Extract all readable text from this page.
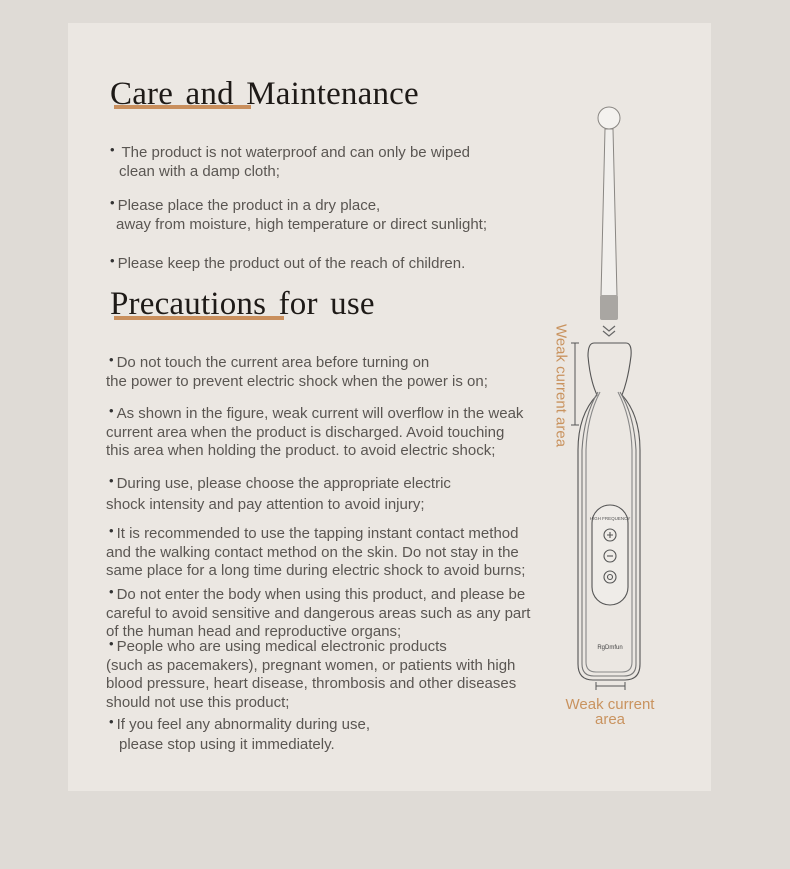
Care and Maintenance
• The product is not waterproof and can only be wiped
clean with a damp cloth;
• Please place the product in a dry place,
away from moisture, high temperature or direct sunlight;
• Please keep the product out of the reach of children.
Precautions for use
• Do not touch the current area before turning on
the power to prevent electric shock when the power is on;
• As shown in the figure, weak current will overflow in the weak
current area when the product is discharged. Avoid touching
this area when holding the product. to avoid electric shock;
• During use, please choose the appropriate electric
shock intensity and pay attention to avoid injury;
• It is recommended to use the tapping instant contact method
and the walking contact method on the skin. Do not stay in the
same place for a long time during electric shock to avoid burns;
• Do not enter the body when using this product, and please be
careful to avoid sensitive and dangerous areas such as any part
of the human head and reproductive organs;
• People who are using medical electronic products
(such as pacemakers), pregnant women, or patients with high
blood pressure, heart disease, thrombosis and other diseases
should not use this product;
• If you feel any abnormality during use,
please stop using it immediately.
HIGH FREQUENCY
RgDmfun
Weak current area
Weak current
area
